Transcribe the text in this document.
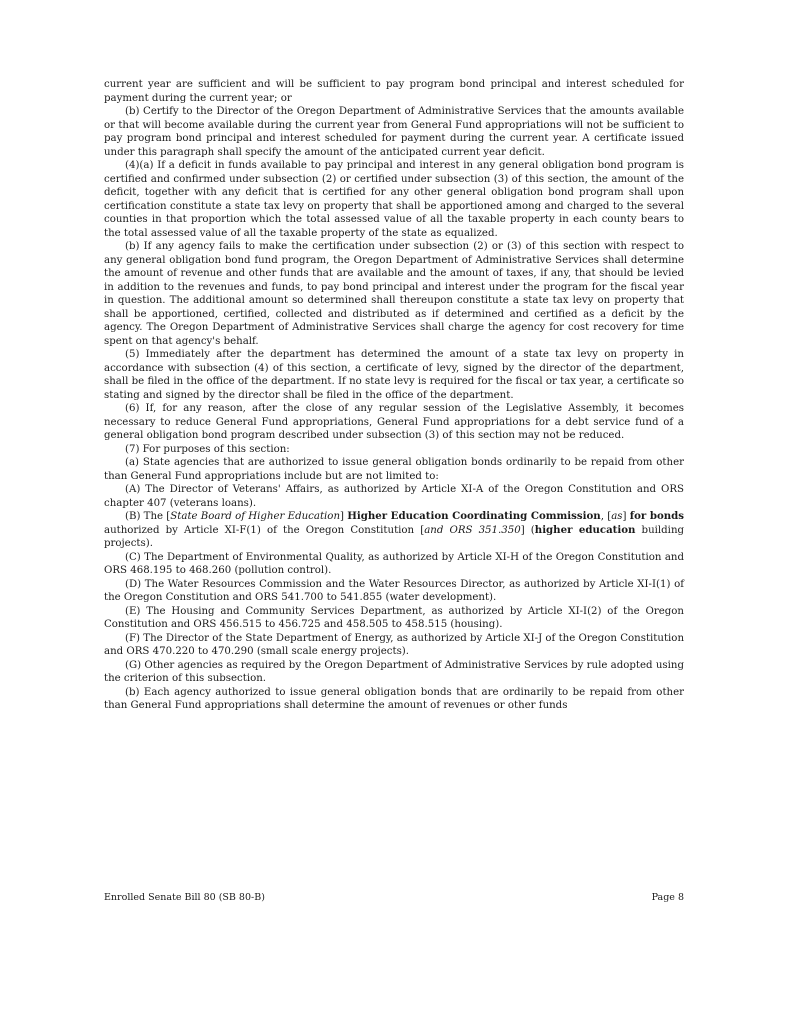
current year are sufficient and will be sufficient to pay program bond principal and interest scheduled for payment during the current year; or

(b) Certify to the Director of the Oregon Department of Administrative Services that the amounts available or that will become available during the current year from General Fund appropriations will not be sufficient to pay program bond principal and interest scheduled for payment during the current year. A certificate issued under this paragraph shall specify the amount of the anticipated current year deficit.

(4)(a) If a deficit in funds available to pay principal and interest in any general obligation bond program is certified and confirmed under subsection (2) or certified under subsection (3) of this section, the amount of the deficit, together with any deficit that is certified for any other general obligation bond program shall upon certification constitute a state tax levy on property that shall be apportioned among and charged to the several counties in that proportion which the total assessed value of all the taxable property in each county bears to the total assessed value of all the taxable property of the state as equalized.

(b) If any agency fails to make the certification under subsection (2) or (3) of this section with respect to any general obligation bond fund program, the Oregon Department of Administrative Services shall determine the amount of revenue and other funds that are available and the amount of taxes, if any, that should be levied in addition to the revenues and funds, to pay bond principal and interest under the program for the fiscal year in question. The additional amount so determined shall thereupon constitute a state tax levy on property that shall be apportioned, certified, collected and distributed as if determined and certified as a deficit by the agency. The Oregon Department of Administrative Services shall charge the agency for cost recovery for time spent on that agency's behalf.

(5) Immediately after the department has determined the amount of a state tax levy on property in accordance with subsection (4) of this section, a certificate of levy, signed by the director of the department, shall be filed in the office of the department. If no state levy is required for the fiscal or tax year, a certificate so stating and signed by the director shall be filed in the office of the department.

(6) If, for any reason, after the close of any regular session of the Legislative Assembly, it becomes necessary to reduce General Fund appropriations, General Fund appropriations for a debt service fund of a general obligation bond program described under subsection (3) of this section may not be reduced.

(7) For purposes of this section:

(a) State agencies that are authorized to issue general obligation bonds ordinarily to be repaid from other than General Fund appropriations include but are not limited to:

(A) The Director of Veterans' Affairs, as authorized by Article XI-A of the Oregon Constitution and ORS chapter 407 (veterans loans).

(B) The [State Board of Higher Education] Higher Education Coordinating Commission, [as] for bonds authorized by Article XI-F(1) of the Oregon Constitution [and ORS 351.350] (higher education building projects).

(C) The Department of Environmental Quality, as authorized by Article XI-H of the Oregon Constitution and ORS 468.195 to 468.260 (pollution control).

(D) The Water Resources Commission and the Water Resources Director, as authorized by Article XI-I(1) of the Oregon Constitution and ORS 541.700 to 541.855 (water development).

(E) The Housing and Community Services Department, as authorized by Article XI-I(2) of the Oregon Constitution and ORS 456.515 to 456.725 and 458.505 to 458.515 (housing).

(F) The Director of the State Department of Energy, as authorized by Article XI-J of the Oregon Constitution and ORS 470.220 to 470.290 (small scale energy projects).

(G) Other agencies as required by the Oregon Department of Administrative Services by rule adopted using the criterion of this subsection.

(b) Each agency authorized to issue general obligation bonds that are ordinarily to be repaid from other than General Fund appropriations shall determine the amount of revenues or other funds

Enrolled Senate Bill 80 (SB 80-B)	Page 8
